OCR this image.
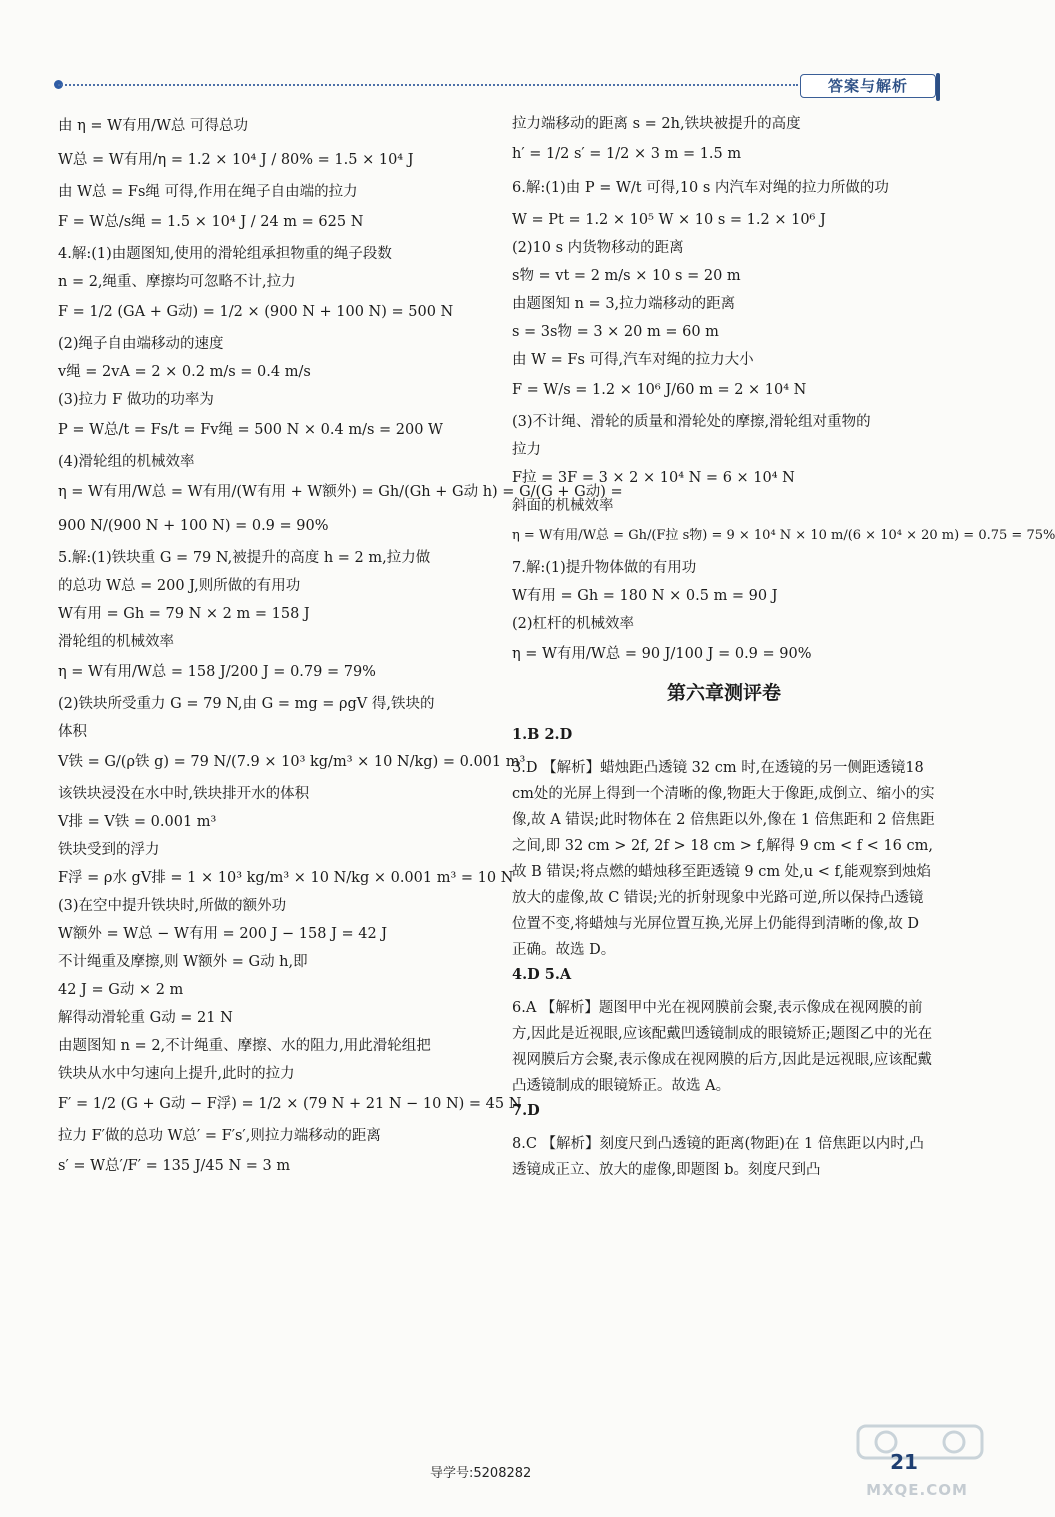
答案与解析
由 η = W有用/W总 可得总功
W总 = W有用/η = 1.2 × 10⁴ J / 80% = 1.5 × 10⁴ J
由 W总 = Fs绳 可得,作用在绳子自由端的拉力
F = W总/s绳 = 1.5 × 10⁴ J / 24 m = 625 N
4.解:(1)由题图知,使用的滑轮组承担物重的绳子段数
n = 2,绳重、摩擦均可忽略不计,拉力
F = 1/2 (GA + G动) = 1/2 × (900 N + 100 N) = 500 N
(2)绳子自由端移动的速度
v绳 = 2vA = 2 × 0.2 m/s = 0.4 m/s
(3)拉力 F 做功的功率为
P = W总/t = Fs/t = Fv绳 = 500 N × 0.4 m/s = 200 W
(4)滑轮组的机械效率
η = W有用/W总 = W有用/(W有用 + W额外) = Gh/(Gh + G动 h) = G/(G + G动) =
900 N/(900 N + 100 N) = 0.9 = 90%
5.解:(1)铁块重 G = 79 N,被提升的高度 h = 2 m,拉力做
的总功 W总 = 200 J,则所做的有用功
W有用 = Gh = 79 N × 2 m = 158 J
滑轮组的机械效率
η = W有用/W总 = 158 J/200 J = 0.79 = 79%
(2)铁块所受重力 G = 79 N,由 G = mg = ρgV 得,铁块的
体积
V铁 = G/(ρ铁 g) = 79 N/(7.9 × 10³ kg/m³ × 10 N/kg) = 0.001 m³
该铁块浸没在水中时,铁块排开水的体积
V排 = V铁 = 0.001 m³
铁块受到的浮力
F浮 = ρ水 gV排 = 1 × 10³ kg/m³ × 10 N/kg × 0.001 m³ = 10 N
(3)在空中提升铁块时,所做的额外功
W额外 = W总 − W有用 = 200 J − 158 J = 42 J
不计绳重及摩擦,则 W额外 = G动 h,即
42 J = G动 × 2 m
解得动滑轮重 G动 = 21 N
由题图知 n = 2,不计绳重、摩擦、水的阻力,用此滑轮组把
铁块从水中匀速向上提升,此时的拉力
F′ = 1/2 (G + G动 − F浮) = 1/2 × (79 N + 21 N − 10 N) = 45 N
拉力 F′做的总功 W总′ = F′s′,则拉力端移动的距离
s′ = W总′/F′ = 135 J/45 N = 3 m
拉力端移动的距离 s = 2h,铁块被提升的高度
h′ = 1/2 s′ = 1/2 × 3 m = 1.5 m
6.解:(1)由 P = W/t 可得,10 s 内汽车对绳的拉力所做的功
W = Pt = 1.2 × 10⁵ W × 10 s = 1.2 × 10⁶ J
(2)10 s 内货物移动的距离
s物 = vt = 2 m/s × 10 s = 20 m
由题图知 n = 3,拉力端移动的距离
s = 3s物 = 3 × 20 m = 60 m
由 W = Fs 可得,汽车对绳的拉力大小
F = W/s = 1.2 × 10⁶ J/60 m = 2 × 10⁴ N
(3)不计绳、滑轮的质量和滑轮处的摩擦,滑轮组对重物的
拉力
F拉 = 3F = 3 × 2 × 10⁴ N = 6 × 10⁴ N
斜面的机械效率
η = W有用/W总 = Gh/(F拉 s物) = 9 × 10⁴ N × 10 m/(6 × 10⁴ × 20 m) = 0.75 = 75%
7.解:(1)提升物体做的有用功
W有用 = Gh = 180 N × 0.5 m = 90 J
(2)杠杆的机械效率
η = W有用/W总 = 90 J/100 J = 0.9 = 90%
第六章测评卷
1.B 2.D
3.D 【解析】蜡烛距凸透镜 32 cm 时,在透镜的另一侧距透镜18 cm处的光屏上得到一个清晰的像,物距大于像距,成倒立、缩小的实像,故 A 错误;此时物体在 2 倍焦距以外,像在 1 倍焦距和 2 倍焦距之间,即 32 cm > 2f, 2f > 18 cm > f,解得 9 cm < f < 16 cm,故 B 错误;将点燃的蜡烛移至距透镜 9 cm 处,u < f,能观察到烛焰放大的虚像,故 C 错误;光的折射现象中光路可逆,所以保持凸透镜位置不变,将蜡烛与光屏位置互换,光屏上仍能得到清晰的像,故 D 正确。故选 D。
4.D 5.A
6.A 【解析】题图甲中光在视网膜前会聚,表示像成在视网膜的前方,因此是近视眼,应该配戴凹透镜制成的眼镜矫正;题图乙中的光在视网膜后方会聚,表示像成在视网膜的后方,因此是远视眼,应该配戴凸透镜制成的眼镜矫正。故选 A。
7.D
8.C 【解析】刻度尺到凸透镜的距离(物距)在 1 倍焦距以内时,凸透镜成正立、放大的虚像,即题图 b。刻度尺到凸
导学号:5208282	21
MXQE.COM
